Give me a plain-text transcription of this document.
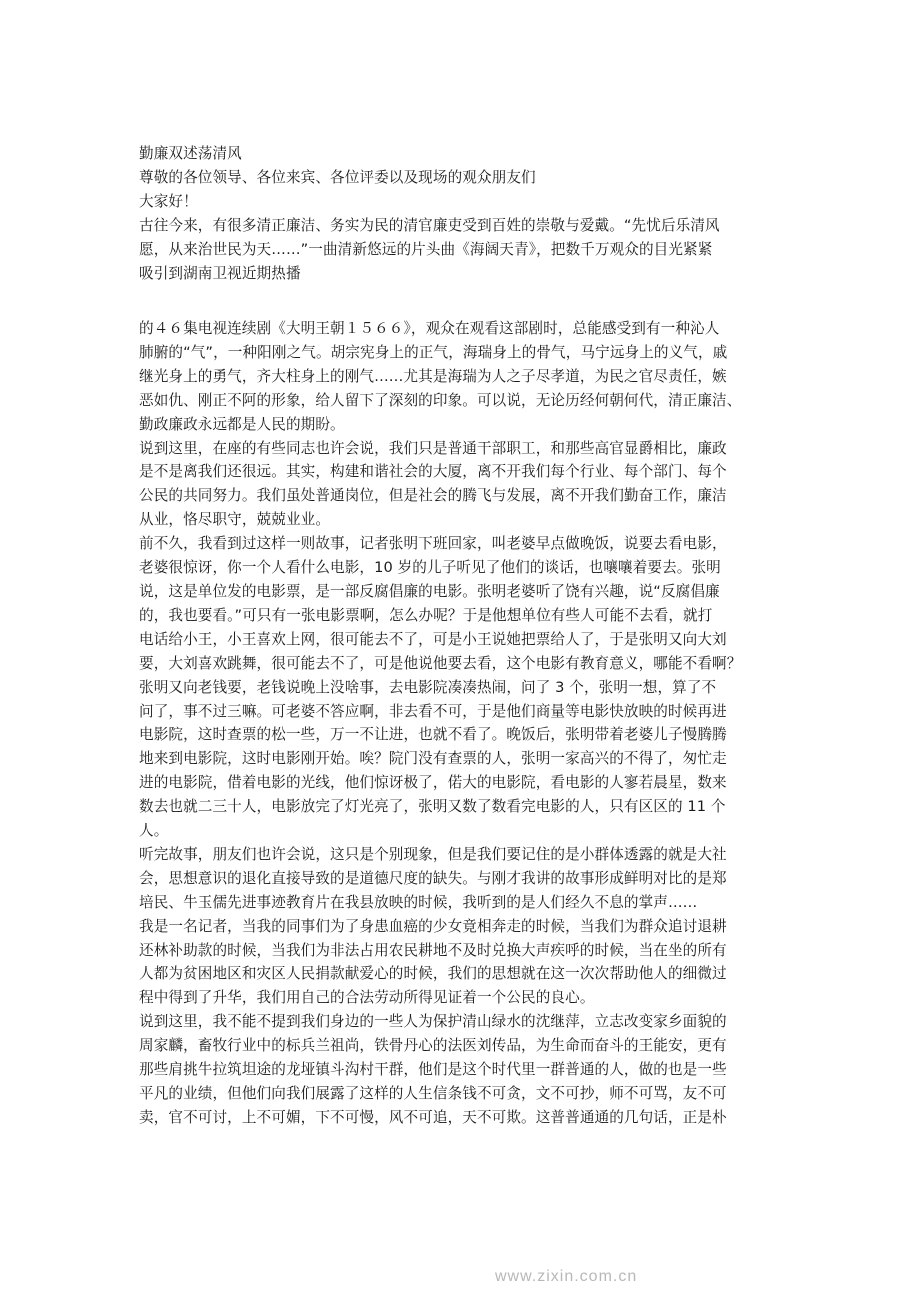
勤廉双述荡清风
尊敬的各位领导、各位来宾、各位评委以及现场的观众朋友们
大家好！
古往今来，有很多清正廉洁、务实为民的清官廉吏受到百姓的崇敬与爱戴。“先忧后乐清风
愿，从来治世民为天……”一曲清新悠远的片头曲《海阔天青》，把数千万观众的目光紧紧
吸引到湖南卫视近期热播
的４６集电视连续剧《大明王朝１５６６》，观众在观看这部剧时，总能感受到有一种沁人
肺腑的“气”，一种阳刚之气。胡宗宪身上的正气，海瑞身上的骨气，马宁远身上的义气，戚
继光身上的勇气，齐大柱身上的刚气……尤其是海瑞为人之子尽孝道，为民之官尽责任，嫉
恶如仇、刚正不阿的形象，给人留下了深刻的印象。可以说，无论历经何朝何代，清正廉洁、
勤政廉政永远都是人民的期盼。
说到这里，在座的有些同志也许会说，我们只是普通干部职工，和那些高官显爵相比，廉政
是不是离我们还很远。其实，构建和谐社会的大厦，离不开我们每个行业、每个部门、每个
公民的共同努力。我们虽处普通岗位，但是社会的腾飞与发展，离不开我们勤奋工作，廉洁
从业，恪尽职守，兢兢业业。
前不久，我看到过这样一则故事，记者张明下班回家，叫老婆早点做晚饭，说要去看电影，
老婆很惊讶，你一个人看什么电影，10 岁的儿子听见了他们的谈话，也嚷嚷着要去。张明
说，这是单位发的电影票，是一部反腐倡廉的电影。张明老婆听了饶有兴趣，说“反腐倡廉
的，我也要看。”可只有一张电影票啊，怎么办呢？于是他想单位有些人可能不去看，就打
电话给小王，小王喜欢上网，很可能去不了，可是小王说她把票给人了，于是张明又向大刘
要，大刘喜欢跳舞，很可能去不了，可是他说他要去看，这个电影有教育意义，哪能不看啊？
张明又向老钱要，老钱说晚上没啥事，去电影院凑凑热闹，问了 3 个，张明一想，算了不
问了，事不过三嘛。可老婆不答应啊，非去看不可，于是他们商量等电影快放映的时候再进
电影院，这时查票的松一些，万一不让进，也就不看了。晚饭后，张明带着老婆儿子慢腾腾
地来到电影院，这时电影刚开始。唉？院门没有查票的人，张明一家高兴的不得了，匆忙走
进的电影院，借着电影的光线，他们惊讶极了，偌大的电影院，看电影的人寥若晨星，数来
数去也就二三十人，电影放完了灯光亮了，张明又数了数看完电影的人，只有区区的 11 个
人。
听完故事，朋友们也许会说，这只是个别现象，但是我们要记住的是小群体透露的就是大社
会，思想意识的退化直接导致的是道德尺度的缺失。与刚才我讲的故事形成鲜明对比的是郑
培民、牛玉儒先进事迹教育片在我县放映的时候，我听到的是人们经久不息的掌声……
我是一名记者，当我的同事们为了身患血癌的少女竟相奔走的时候，当我们为群众追讨退耕
还林补助款的时候，当我们为非法占用农民耕地不及时兑换大声疾呼的时候，当在坐的所有
人都为贫困地区和灾区人民捐款献爱心的时候，我们的思想就在这一次次帮助他人的细微过
程中得到了升华，我们用自己的合法劳动所得见证着一个公民的良心。
说到这里，我不能不提到我们身边的一些人为保护清山绿水的沈继萍，立志改变家乡面貌的
周家麟，畜牧行业中的标兵兰祖尚，铁骨丹心的法医刘传品，为生命而奋斗的王能安，更有
那些肩挑牛拉筑坦途的龙垭镇斗沟村干群，他们是这个时代里一群普通的人，做的也是一些
平凡的业绩，但他们向我们展露了这样的人生信条钱不可贪，文不可抄，师不可骂，友不可
卖，官不可讨，上不可媚，下不可慢，风不可追，天不可欺。这普普通通的几句话，正是朴
www.zixin.com.cn
